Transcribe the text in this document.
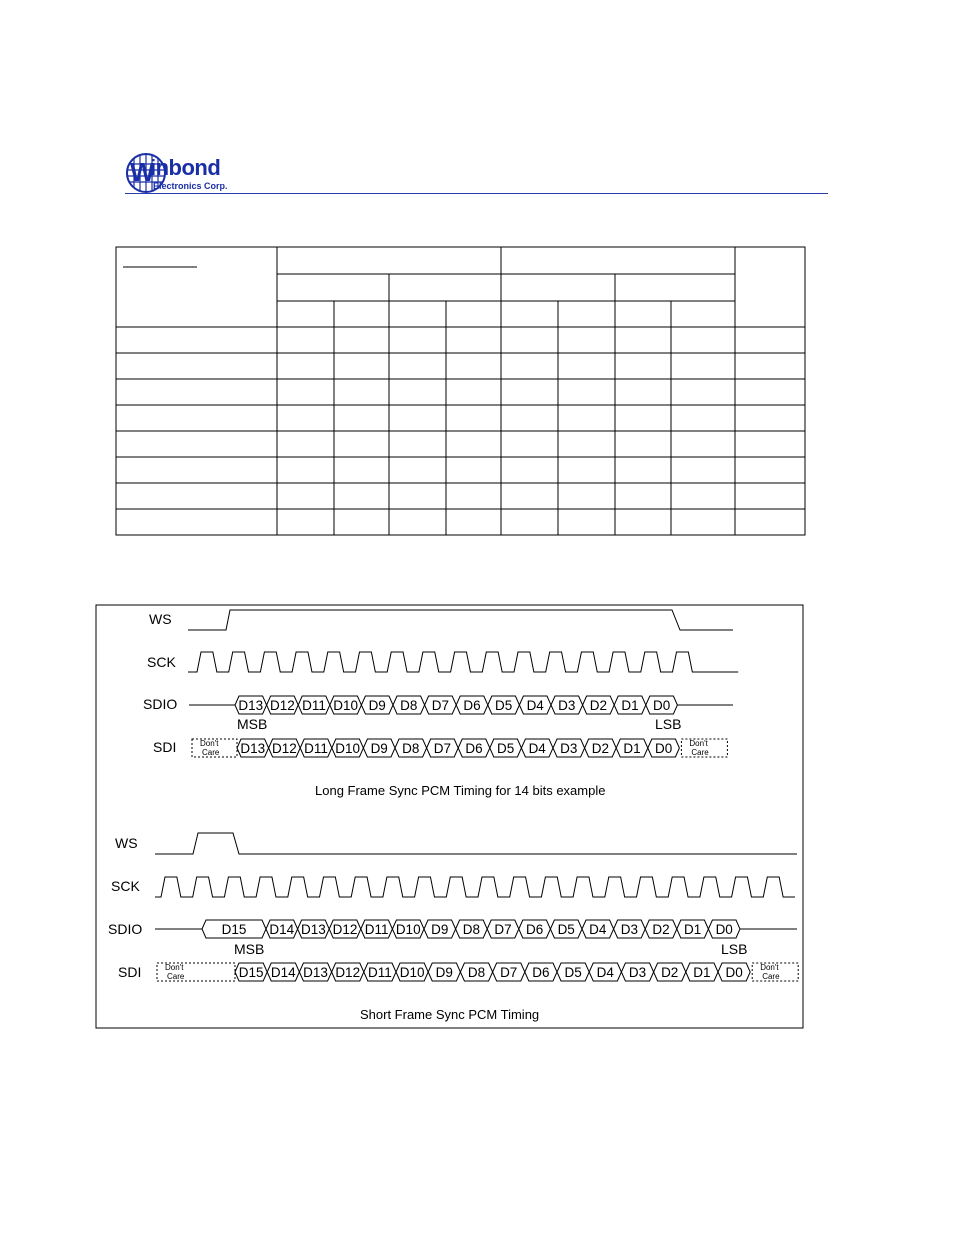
W
inbond
Electronics Corp.
WS
SCK
SDIO
SDI
D13 D12 D11 D10 D9 D8 D7 D6 D5 D4 D3 D2 D1 D0
Don't
Care D13 D12 D11 D10 D9 D8 D7 D6 D5 D4 D3 D2 D1 D0 Don't
Care
MSB	LSB
Long Frame Sync PCM Timing for 14 bits example
WS
SCK
SDIO
SDI
D15 D14 D13 D12 D11 D10 D9 D8 D7 D6 D5 D4 D3 D2 D1 D0
Don't
Care	D15 D14 D13 D12 D11 D10 D9 D8 D7 D6 D5 D4 D3 D2 D1 D0 Don't
Care
MSB	LSB
Short Frame Sync PCM Timing
